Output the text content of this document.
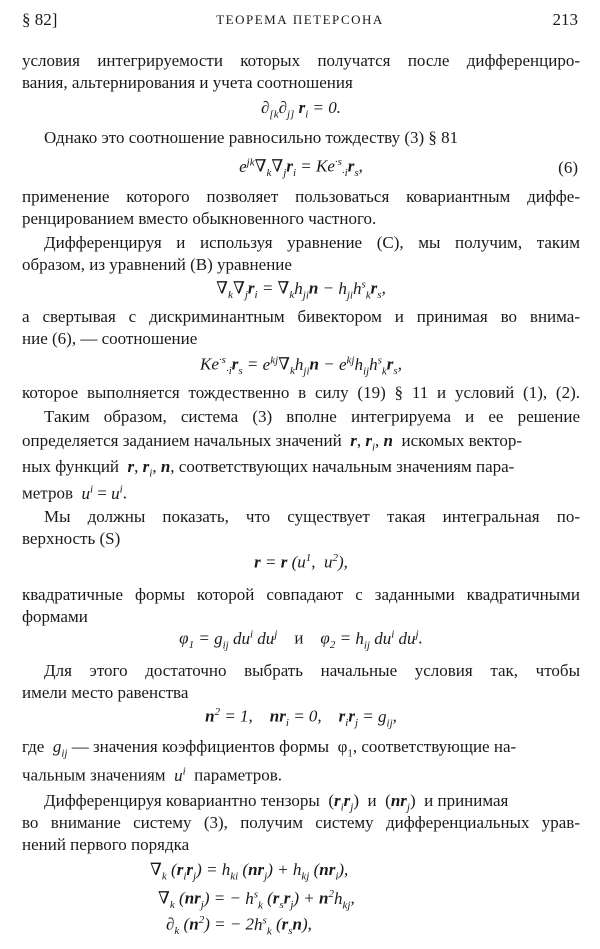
§ 82]	ТЕОРЕМА ПЕТЕРСОНА	213
условия интегрируемости которых получатся после дифференциро-
вания, альтернирования и учета соотношения
$\partial_{[k}\partial_{j]}$ $r_i = 0$.
Однако это соотношение равносильно тождеству (3) § 81
$e^{jk}\nabla_k\nabla_jr_i = Ke^{\cdot s}_{\cdot i}r_s$,	(6)
применение которого позволяет пользоваться ковариантным диффе-
ренцированием вместо обыкновенного частного.
Дифференцируя и используя уравнение (С), мы получим, таким
образом, из уравнений (B) уравнение
$\nabla_k\nabla_jr_i = \nabla_kh_{ji}n - h_{ji}h^s_kr_s$,
а свертывая с дискриминантным бивектором и принимая во внима-
ние (6), — соотношение
$Ke^{\cdot s}_{\cdot i}r_s = e^{kj}\nabla_kh_{ji}n - e^{kj}h_{ij}h^s_kr_s$,
которое выполняется тождественно в силу (19) § 11 и условий (1), (2).
Таким образом, система (3) вполне интегрируема и ее решение
определяется заданием начальных значений r, $r_i$, n искомых вектор-
ных функций r, $r_i$, n, соответствующих начальным значениям пара-
метров $u^i = u^i$.
Мы должны показать, что существует такая интегральная по-
верхность (S)
r = r ($u^1$,  $u^2$),
квадратичные формы которой совпадают с заданными квадратичными
формами
$\varphi_1 = g_{ij}$ $du^i$ $du^j$ и    $\varphi_2 = h_{ij}$ $du^i$ $du^j$.
Для этого достаточно выбрать начальные условия так, чтобы
имели место равенства
$n^2 = 1$,    $nr_i = 0$,    $r_ir_j = g_{ij}$,
где $g_{ij}$ — значения коэффициентов формы  $\varphi_1$, соответствующие на-
чальным значениям $u^i$ параметров.
Дифференцируя ковариантно тензоры  $(r_ir_j)$  и  $(nr_j)$  и принимая
во внимание систему (3), получим систему дифференциальных урав-
нений первого порядка
$\nabla_k$ $(r_ir_j) = h_{ki}$ $(nr_j) + h_{kj}$ $(nr_i)$,
$\nabla_k$ $(nr_j)$ = − $h^s_k$ $(r_sr_j) + n^2h_{kj}$,
$\partial_k$ $(n^2)$ = − $2h^s_k$ $(r_sn)$,
